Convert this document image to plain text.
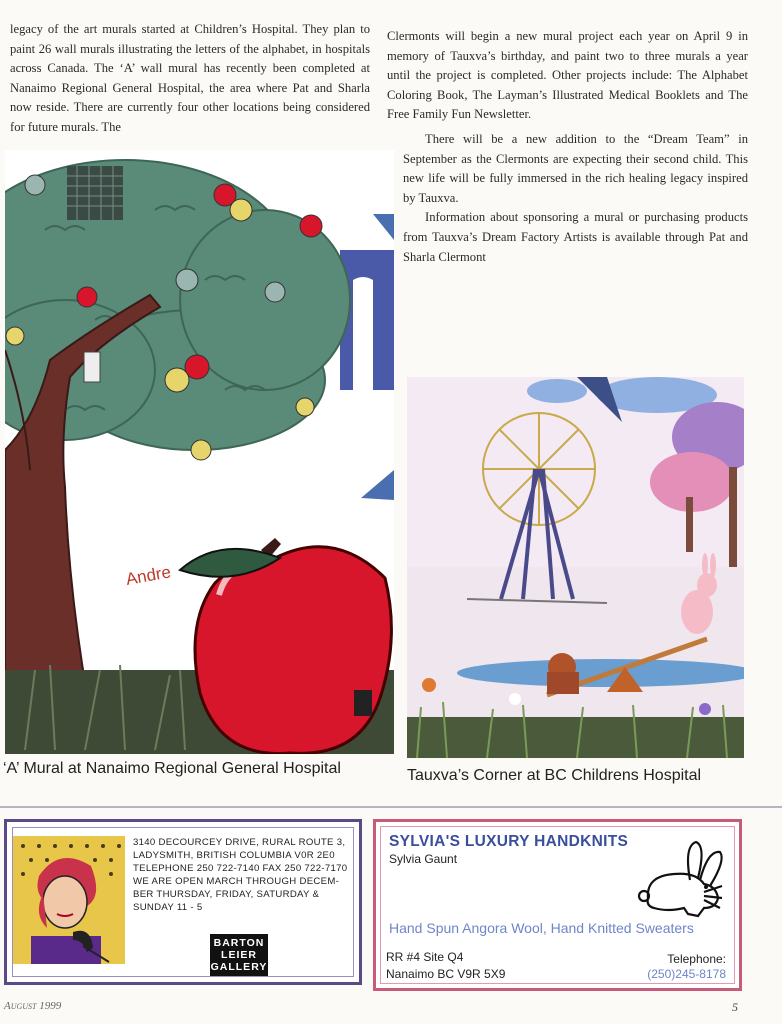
legacy of the art murals started at Children’s Hospital. They plan to paint 26 wall murals illustrating the letters of the alphabet, in hospitals across Canada. The ‘A’ wall mural has recently been completed at Nanaimo Regional General Hospital, the area where Pat and Sharla now reside. There are currently four other locations being considered for future murals. The

Clermonts will begin a new mural project each year on April 9 in memory of Tauxva’s birthday, and paint two to three murals a year until the project is completed. Other projects include: The Alphabet Coloring Book, The Layman’s Illustrated Medical Booklets and The Free Family Fun Newsletter.

There will be a new addition to the “Dream Team” in September as the Clermonts are expecting their second child. This new life will be fully immersed in the rich healing legacy inspired by Tauxva.

Information about sponsoring a mural or purchasing products from Tauxva’s Dream Factory Artists is available through Pat and Sharla Clermont

Andre
‘A’ Mural at Nanaimo Regional General Hospital	Tauxva’s Corner at BC Childrens Hospital
3140 DECOURCEY DRIVE, RURAL ROUTE 3,
LADYSMITH, BRITISH COLUMBIA V0R 2E0
TELEPHONE 250 722-7140 FAX 250 722-7170
WE ARE OPEN MARCH THROUGH DECEM-
BER THURSDAY, FRIDAY, SATURDAY &
SUNDAY 11 - 5
BARTON
LEIER
GALLERY
SYLVIA'S LUXURY HANDKNITS
Sylvia Gaunt
Hand Spun Angora Wool, Hand Knitted Sweaters
RR #4 Site Q4
Nanaimo BC V9R 5X9
Telephone:
(250)245-8178
August 1999	5
